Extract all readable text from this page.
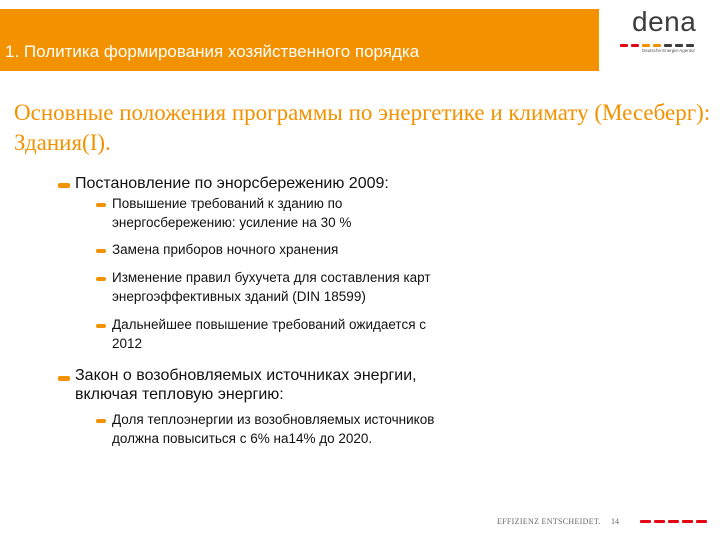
1. Политика формирования хозяйственного порядка
dena
Deutsche Energie-Agentur
Основные положения программы по энергетике и климату (Месеберг): Здания(I).
Постановление по энорсбережению 2009:
Повышение требований к зданию по
энергосбережению: усиление на 30 %
Замена приборов ночного хранения
Изменение правил бухучета для составления карт
энергоэффективных зданий (DIN 18599)
Дальнейшее повышение требований ожидается с
2012
Закон о возобновляемых источниках энергии,
включая тепловую энергию:
Доля теплоэнергии из возобновляемых источников
должна повыситься с 6% на14% до 2020.
EFFIZIENZ ENTSCHEIDET. 14
